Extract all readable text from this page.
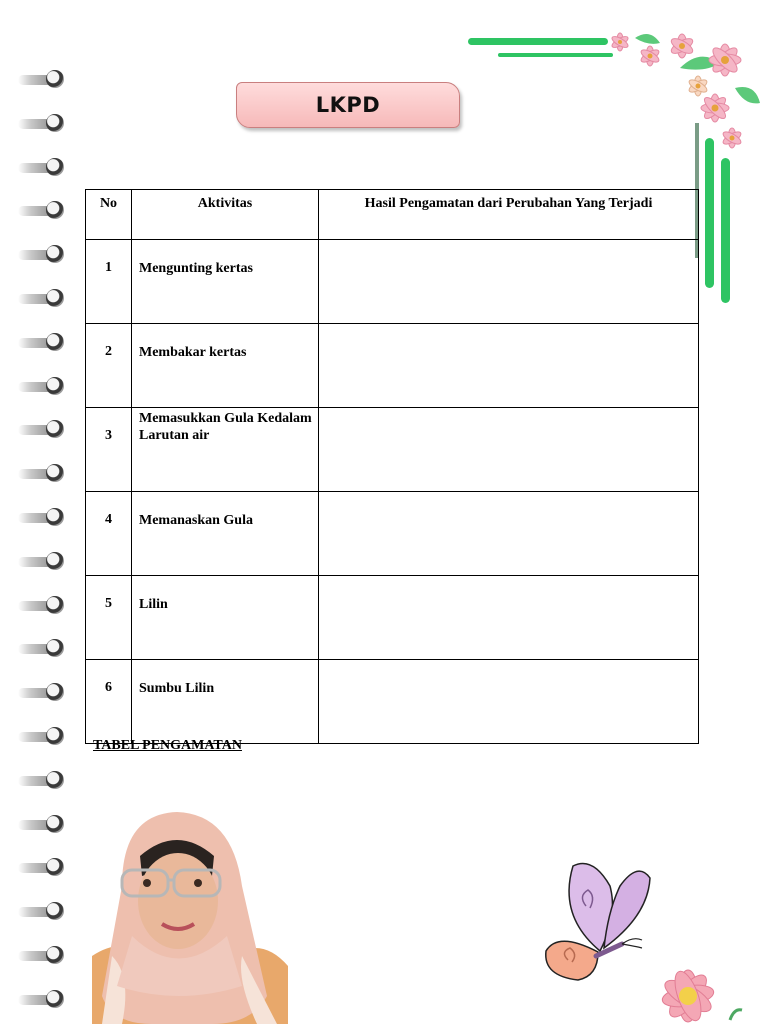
LKPD
No	Aktivitas	Hasil Pengamatan dari Perubahan Yang Terjadi
1	Mengunting kertas	
2	Membakar kertas	
3	Memasukkan Gula Kedalam Larutan air	
4	Memanaskan Gula	
5	Lilin	
6	Sumbu Lilin	
TABEL PENGAMATAN
